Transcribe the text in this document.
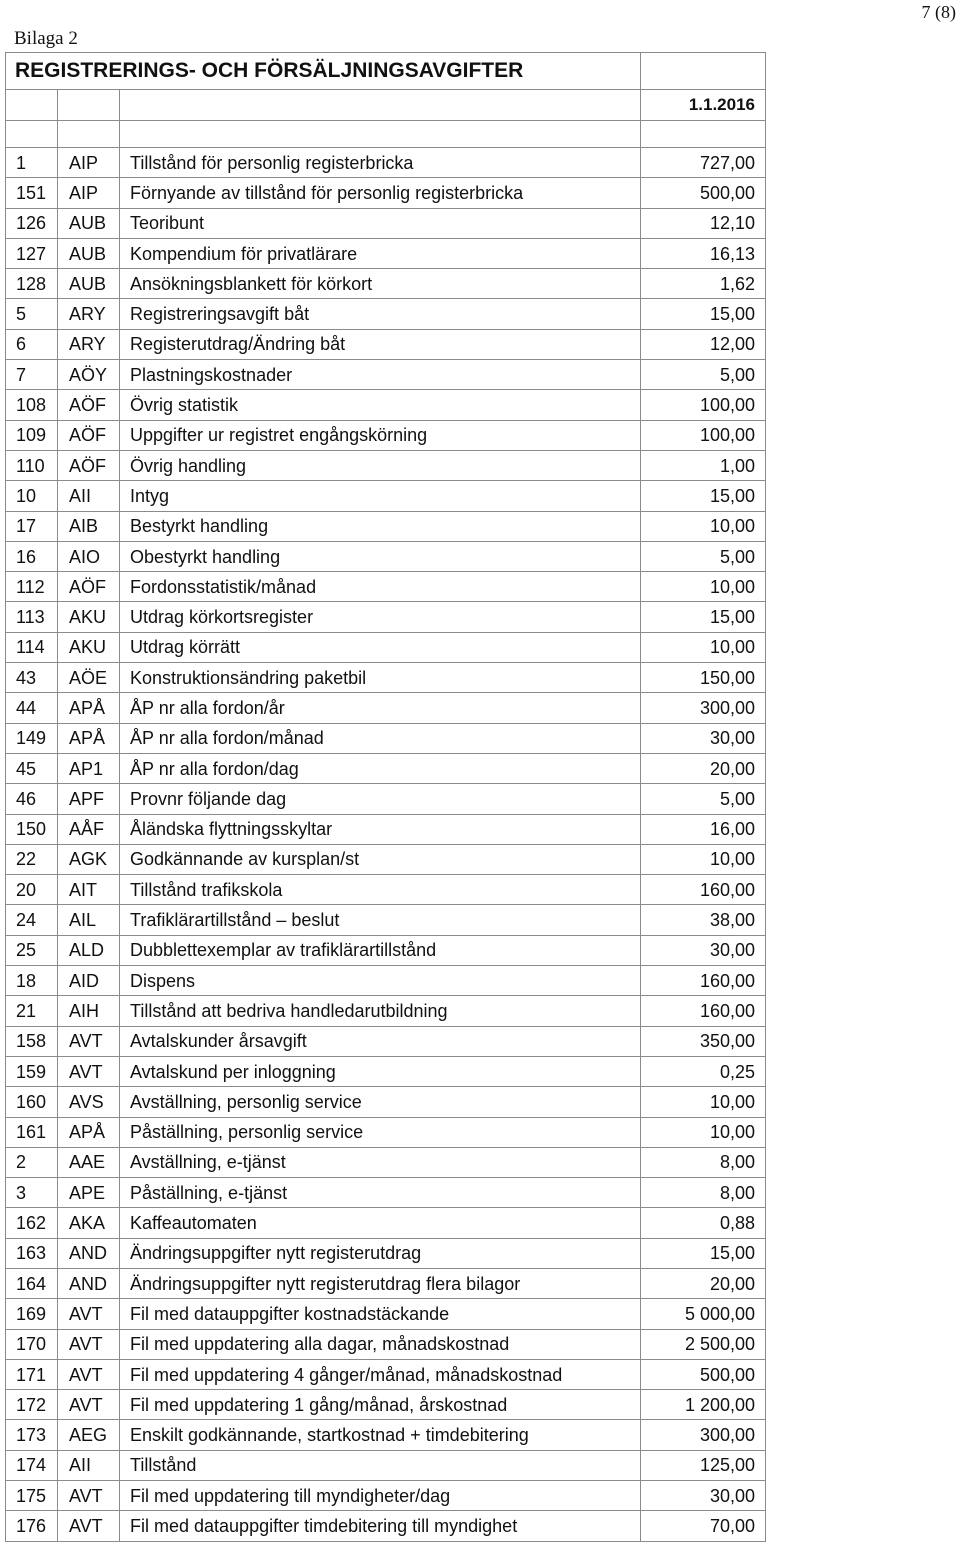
7 (8)
Bilaga 2
REGISTRERINGS- OCH FÖRSÄLJNINGSAVGIFTER			
			1.1.2016

1	AIP	Tillstånd för personlig registerbricka	727,00
151	AIP	Förnyande av tillstånd för personlig registerbricka	500,00
126	AUB	Teoribunt	12,10
127	AUB	Kompendium för privatlärare	16,13
128	AUB	Ansökningsblankett för körkort	1,62
5	ARY	Registreringsavgift båt	15,00
6	ARY	Registerutdrag/Ändring båt	12,00
7	AÖY	Plastningskostnader	5,00
108	AÖF	Övrig statistik	100,00
109	AÖF	Uppgifter ur registret engångskörning	100,00
110	AÖF	Övrig handling	1,00
10	AII	Intyg	15,00
17	AIB	Bestyrkt handling	10,00
16	AIO	Obestyrkt handling	5,00
112	AÖF	Fordonsstatistik/månad	10,00
113	AKU	Utdrag körkortsregister	15,00
114	AKU	Utdrag körrätt	10,00
43	AÖE	Konstruktionsändring paketbil	150,00
44	APÅ	ÅP nr alla fordon/år	300,00
149	APÅ	ÅP nr alla fordon/månad	30,00
45	AP1	ÅP nr alla fordon/dag	20,00
46	APF	Provnr följande dag	5,00
150	AÅF	Åländska flyttningsskyltar	16,00
22	AGK	Godkännande av kursplan/st	10,00
20	AIT	Tillstånd trafikskola	160,00
24	AIL	Trafiklärartillstånd – beslut	38,00
25	ALD	Dubblettexemplar av trafiklärartillstånd	30,00
18	AID	Dispens	160,00
21	AIH	Tillstånd att bedriva handledarutbildning	160,00
158	AVT	Avtalskunder årsavgift	350,00
159	AVT	Avtalskund per inloggning	0,25
160	AVS	Avställning, personlig service	10,00
161	APÅ	Påställning, personlig service	10,00
2	AAE	Avställning, e-tjänst	8,00
3	APE	Påställning, e-tjänst	8,00
162	AKA	Kaffeautomaten	0,88
163	AND	Ändringsuppgifter nytt registerutdrag	15,00
164	AND	Ändringsuppgifter nytt registerutdrag flera bilagor	20,00
169	AVT	Fil med datauppgifter kostnadstäckande	5 000,00
170	AVT	Fil med uppdatering alla dagar, månadskostnad	2 500,00
171	AVT	Fil med uppdatering 4 gånger/månad, månadskostnad	500,00
172	AVT	Fil med uppdatering 1 gång/månad, årskostnad	1 200,00
173	AEG	Enskilt godkännande, startkostnad + timdebitering	300,00
174	AII	Tillstånd	125,00
175	AVT	Fil med uppdatering till myndigheter/dag	30,00
176	AVT	Fil med datauppgifter timdebitering till myndighet	70,00
